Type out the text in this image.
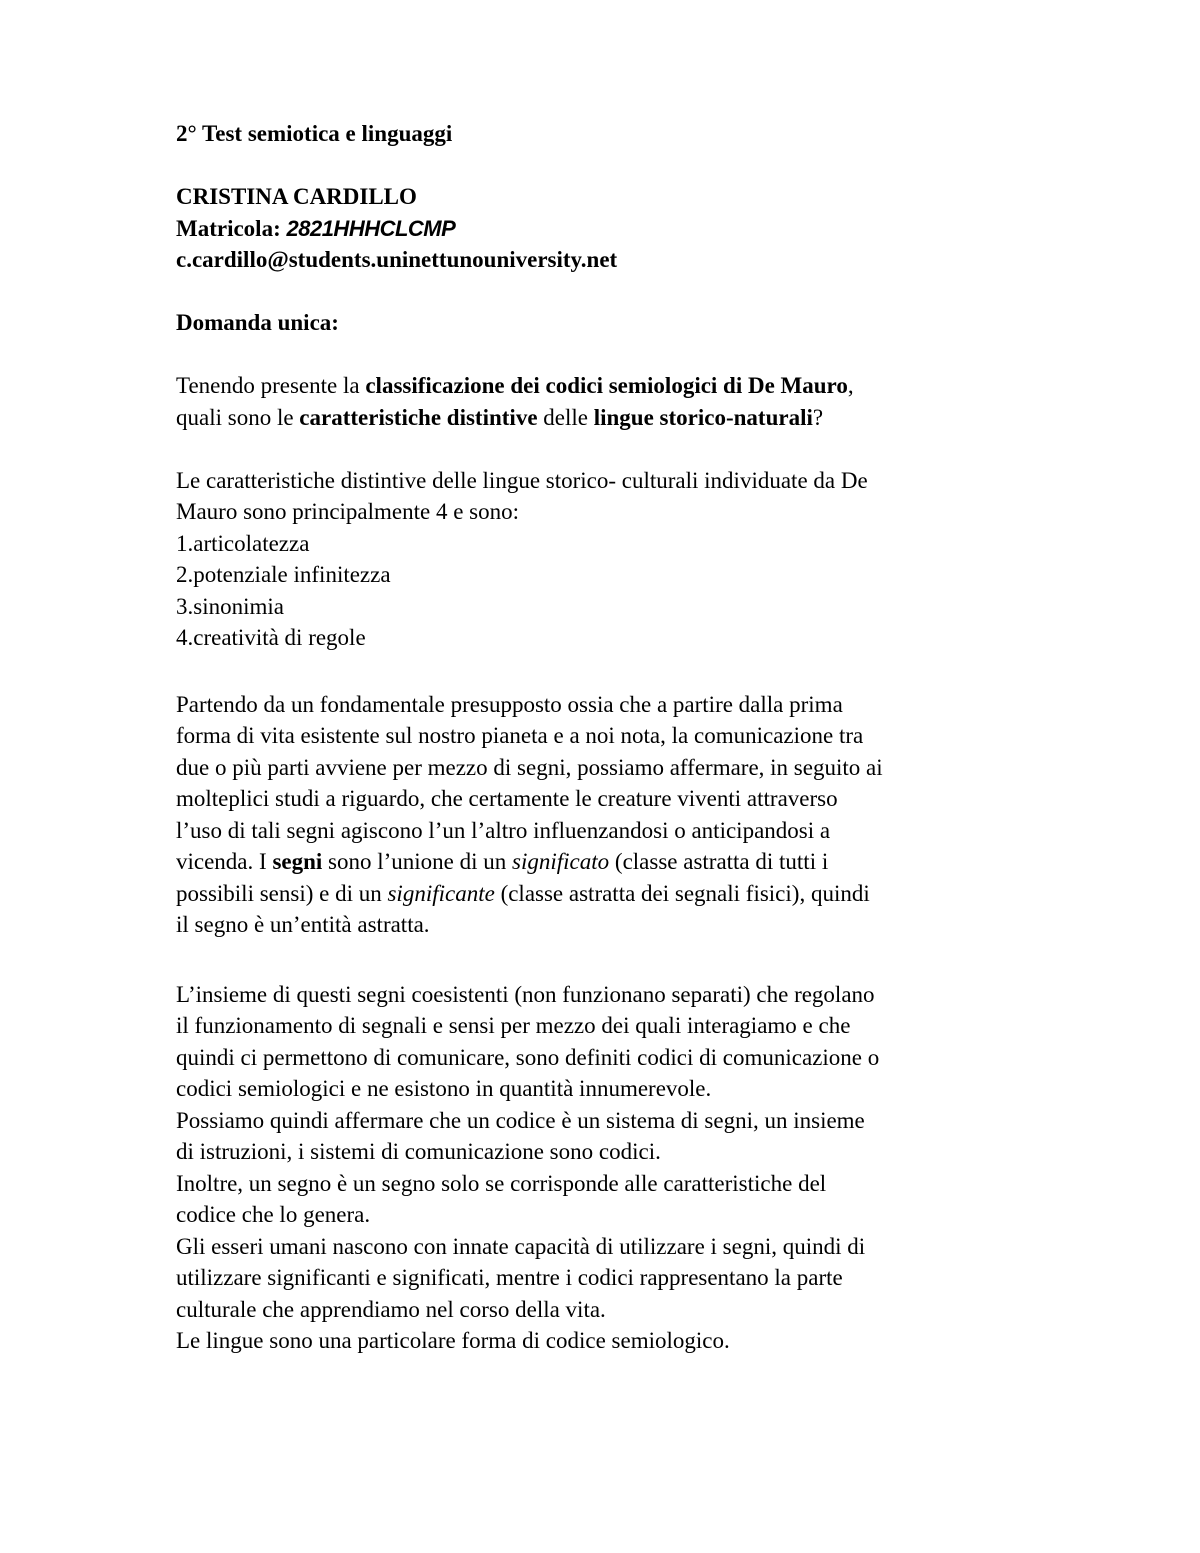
2° Test semiotica e linguaggi
CRISTINA CARDILLO
Matricola: 2821HHHCLCMP
c.cardillo@students.uninettunouniversity.net
Domanda unica:
Tenendo presente la classificazione dei codici semiologici di De Mauro,
quali sono le caratteristiche distintive delle lingue storico-naturali?
Le caratteristiche distintive delle lingue storico- culturali individuate da De
Mauro sono principalmente 4 e sono:
1.articolatezza
2.potenziale infinitezza
3.sinonimia
4.creatività di regole
Partendo da un fondamentale presupposto ossia che a partire dalla prima
forma di vita esistente sul nostro pianeta e a noi nota, la comunicazione tra
due o più parti avviene per mezzo di segni, possiamo affermare, in seguito ai
molteplici studi a riguardo, che certamente le creature viventi attraverso
l’uso di tali segni agiscono l’un l’altro influenzandosi o anticipandosi a
vicenda. I segni sono l’unione di un significato (classe astratta di tutti i
possibili sensi) e di un significante (classe astratta dei segnali fisici), quindi
il segno è un’entità astratta.
L’insieme di questi segni coesistenti (non funzionano separati) che regolano
il funzionamento di segnali e sensi per mezzo dei quali interagiamo e che
quindi ci permettono di comunicare, sono definiti codici di comunicazione o
codici semiologici e ne esistono in quantità innumerevole.
Possiamo quindi affermare che un codice è un sistema di segni, un insieme
di istruzioni, i sistemi di comunicazione sono codici.
Inoltre, un segno è un segno solo se corrisponde alle caratteristiche del
codice che lo genera.
Gli esseri umani nascono con innate capacità di utilizzare i segni, quindi di
utilizzare significanti e significati, mentre i codici rappresentano la parte
culturale che apprendiamo nel corso della vita.
Le lingue sono una particolare forma di codice semiologico.
